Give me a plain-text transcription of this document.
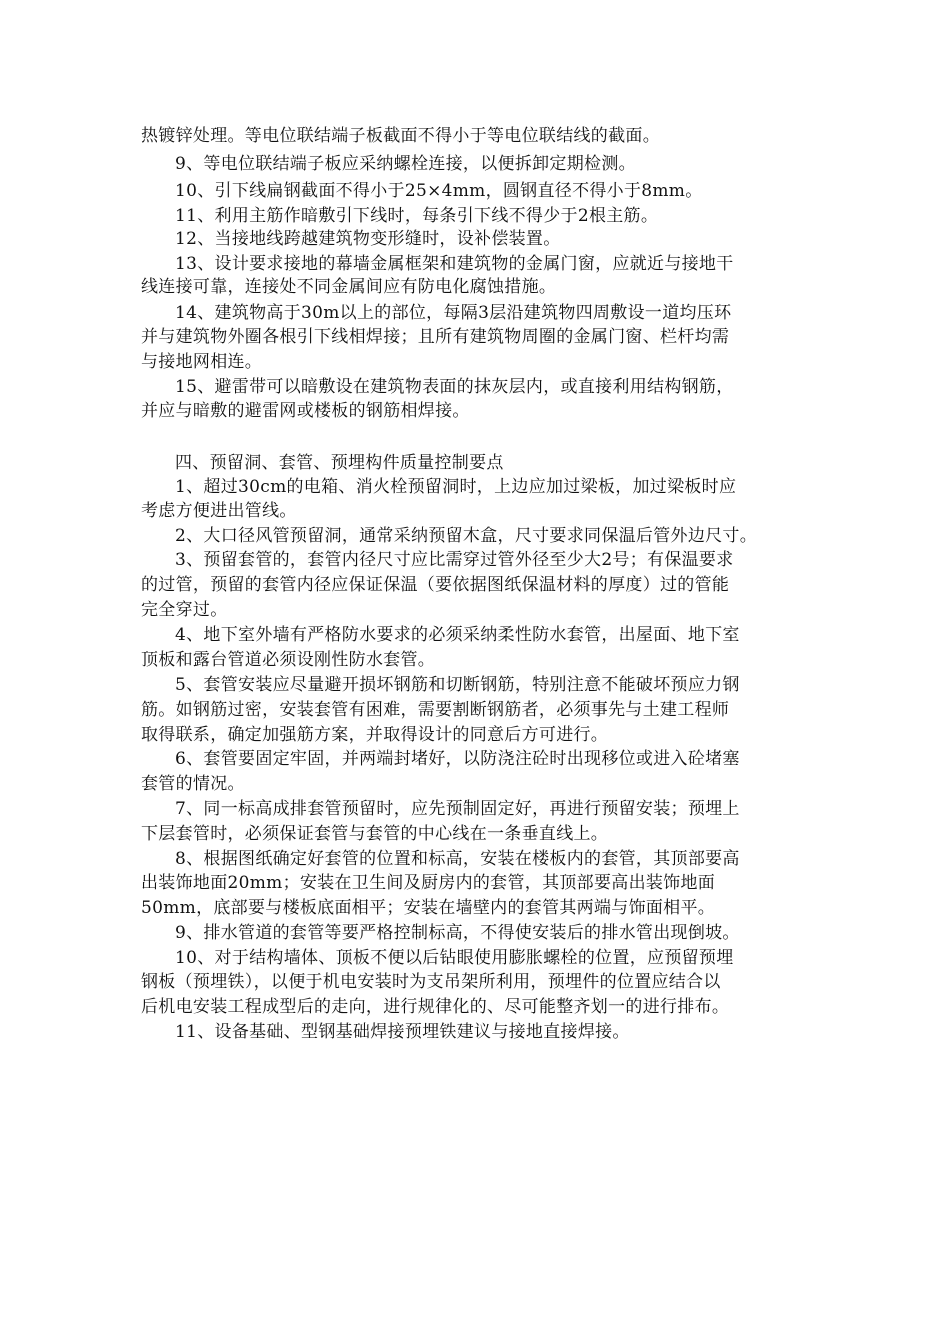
热镀锌处理。等电位联结端子板截面不得小于等电位联结线的截面。
9、等电位联结端子板应采纳螺栓连接，以便拆卸定期检测。
10、引下线扁钢截面不得小于25×4mm，圆钢直径不得小于8mm。
11、利用主筋作暗敷引下线时，每条引下线不得少于2根主筋。
12、当接地线跨越建筑物变形缝时，设补偿装置。
13、设计要求接地的幕墙金属框架和建筑物的金属门窗，应就近与接地干
线连接可靠，连接处不同金属间应有防电化腐蚀措施。
14、建筑物高于30m以上的部位，每隔3层沿建筑物四周敷设一道均压环
并与建筑物外圈各根引下线相焊接；且所有建筑物周圈的金属门窗、栏杆均需
与接地网相连。
15、避雷带可以暗敷设在建筑物表面的抹灰层内，或直接利用结构钢筋，
并应与暗敷的避雷网或楼板的钢筋相焊接。
四、预留洞、套管、预埋构件质量控制要点
1、超过30cm的电箱、消火栓预留洞时，上边应加过梁板，加过梁板时应
考虑方便进出管线。
2、大口径风管预留洞，通常采纳预留木盒，尺寸要求同保温后管外边尺寸。
3、预留套管的，套管内径尺寸应比需穿过管外径至少大2号；有保温要求
的过管，预留的套管内径应保证保温（要依据图纸保温材料的厚度）过的管能
完全穿过。
4、地下室外墙有严格防水要求的必须采纳柔性防水套管，出屋面、地下室
顶板和露台管道必须设刚性防水套管。
5、套管安装应尽量避开损坏钢筋和切断钢筋，特别注意不能破坏预应力钢
筋。如钢筋过密，安装套管有困难，需要割断钢筋者，必须事先与土建工程师
取得联系，确定加强筋方案，并取得设计的同意后方可进行。
6、套管要固定牢固，并两端封堵好，以防浇注砼时出现移位或进入砼堵塞
套管的情况。
7、同一标高成排套管预留时，应先预制固定好，再进行预留安装；预埋上
下层套管时，必须保证套管与套管的中心线在一条垂直线上。
8、根据图纸确定好套管的位置和标高，安装在楼板内的套管，其顶部要高
出装饰地面20mm；安装在卫生间及厨房内的套管，其顶部要高出装饰地面
50mm，底部要与楼板底面相平；安装在墙壁内的套管其两端与饰面相平。
9、排水管道的套管等要严格控制标高，不得使安装后的排水管出现倒坡。
10、对于结构墙体、顶板不便以后钻眼使用膨胀螺栓的位置，应预留预埋
钢板（预埋铁），以便于机电安装时为支吊架所利用，预埋件的位置应结合以
后机电安装工程成型后的走向，进行规律化的、尽可能整齐划一的进行排布。
11、设备基础、型钢基础焊接预埋铁建议与接地直接焊接。
